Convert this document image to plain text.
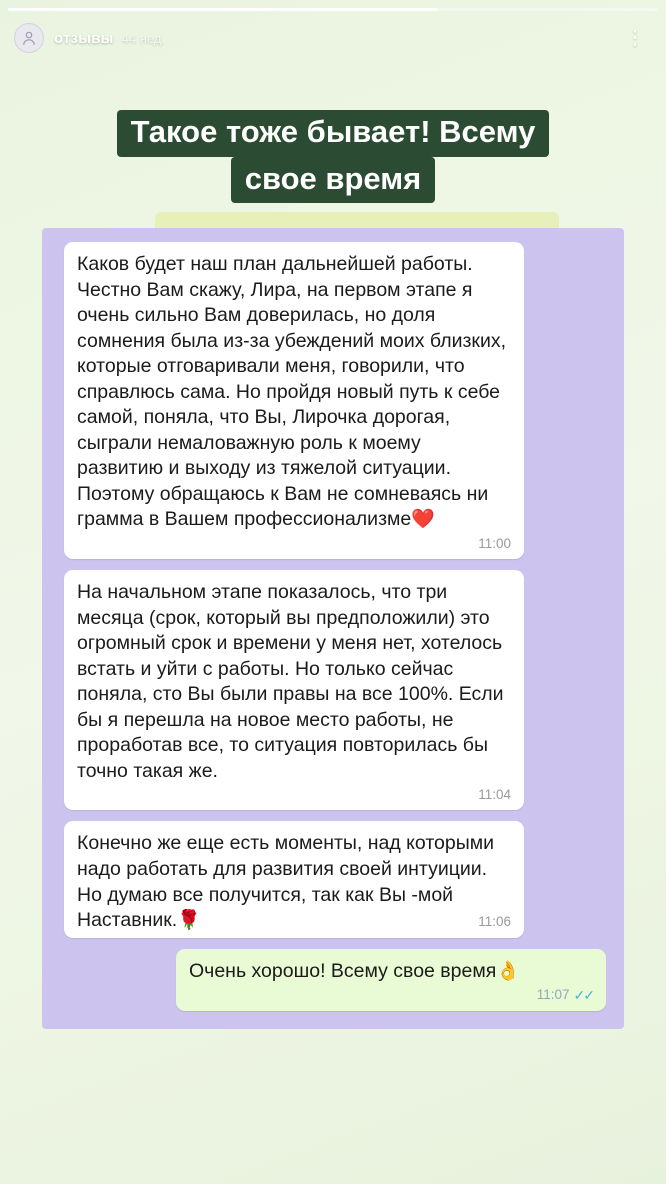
отзывы 44 нед.	⋮
Такое тоже бывает! Всему
свое время

Каков будет наш план дальнейшей работы. Честно Вам скажу, Лира, на первом этапе я очень сильно Вам доверилась, но доля сомнения была из-за убеждений моих близких, которые отговаривали меня, говорили, что справлюсь сама. Но пройдя новый путь к себе самой, поняла, что Вы, Лирочка дорогая, сыграли немаловажную роль к моему развитию и выходу из тяжелой ситуации. Поэтому обращаюсь к Вам не сомневаясь ни грамма в Вашем профессионализме❤️

11:00

На начальном этапе показалось, что три месяца (срок, который вы предположили) это огромный срок и времени у меня нет, хотелось встать и уйти с работы. Но только сейчас поняла, сто Вы были правы на все 100%. Если бы я перешла на новое место работы, не проработав все, то ситуация повторилась бы точно такая же.

11:04

Конечно же еще есть моменты, над которыми надо работать для развития своей интуиции. Но думаю все получится, так как Вы -мой Наставник.🌹	11:06

Очень хорошо! Всему свое время👌

11:07 ✓✓
